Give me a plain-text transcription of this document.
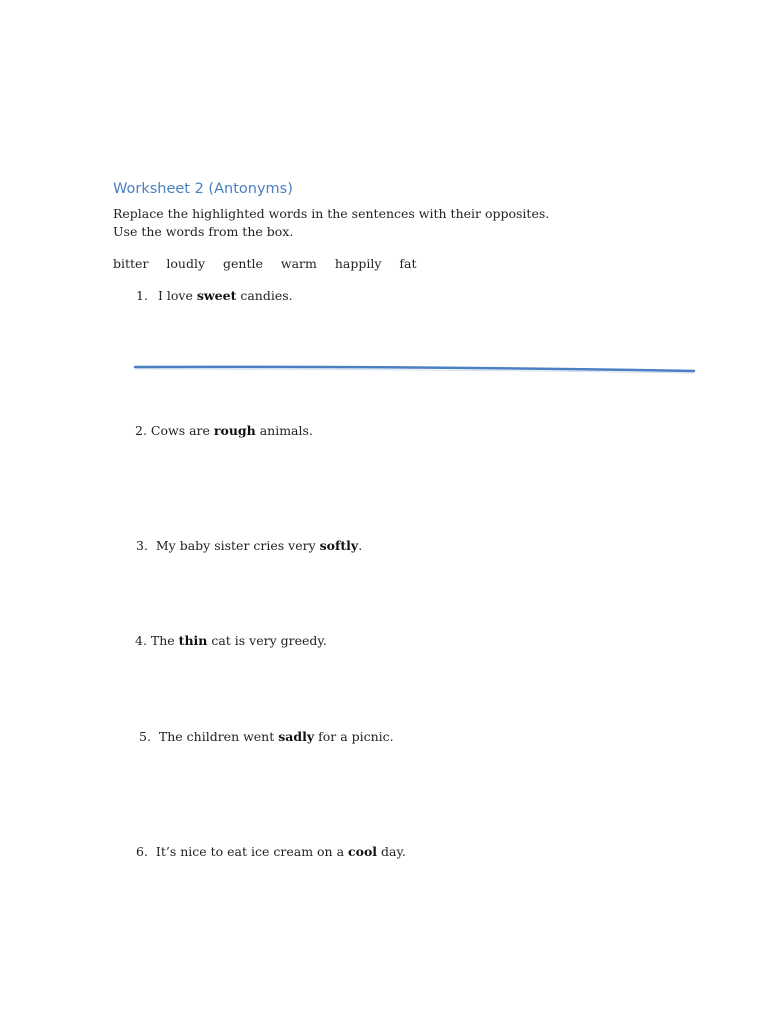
Worksheet 2 (Antonyms)
Replace the highlighted words in the sentences with their opposites.
Use the words from the box.
bitter loudly gentle warm happily fat
1. I love sweet candies.
2. Cows are rough animals.
3.  My baby sister cries very softly.
4. The thin cat is very greedy.
5.  The children went sadly for a picnic.
6.  It’s nice to eat ice cream on a cool day.
